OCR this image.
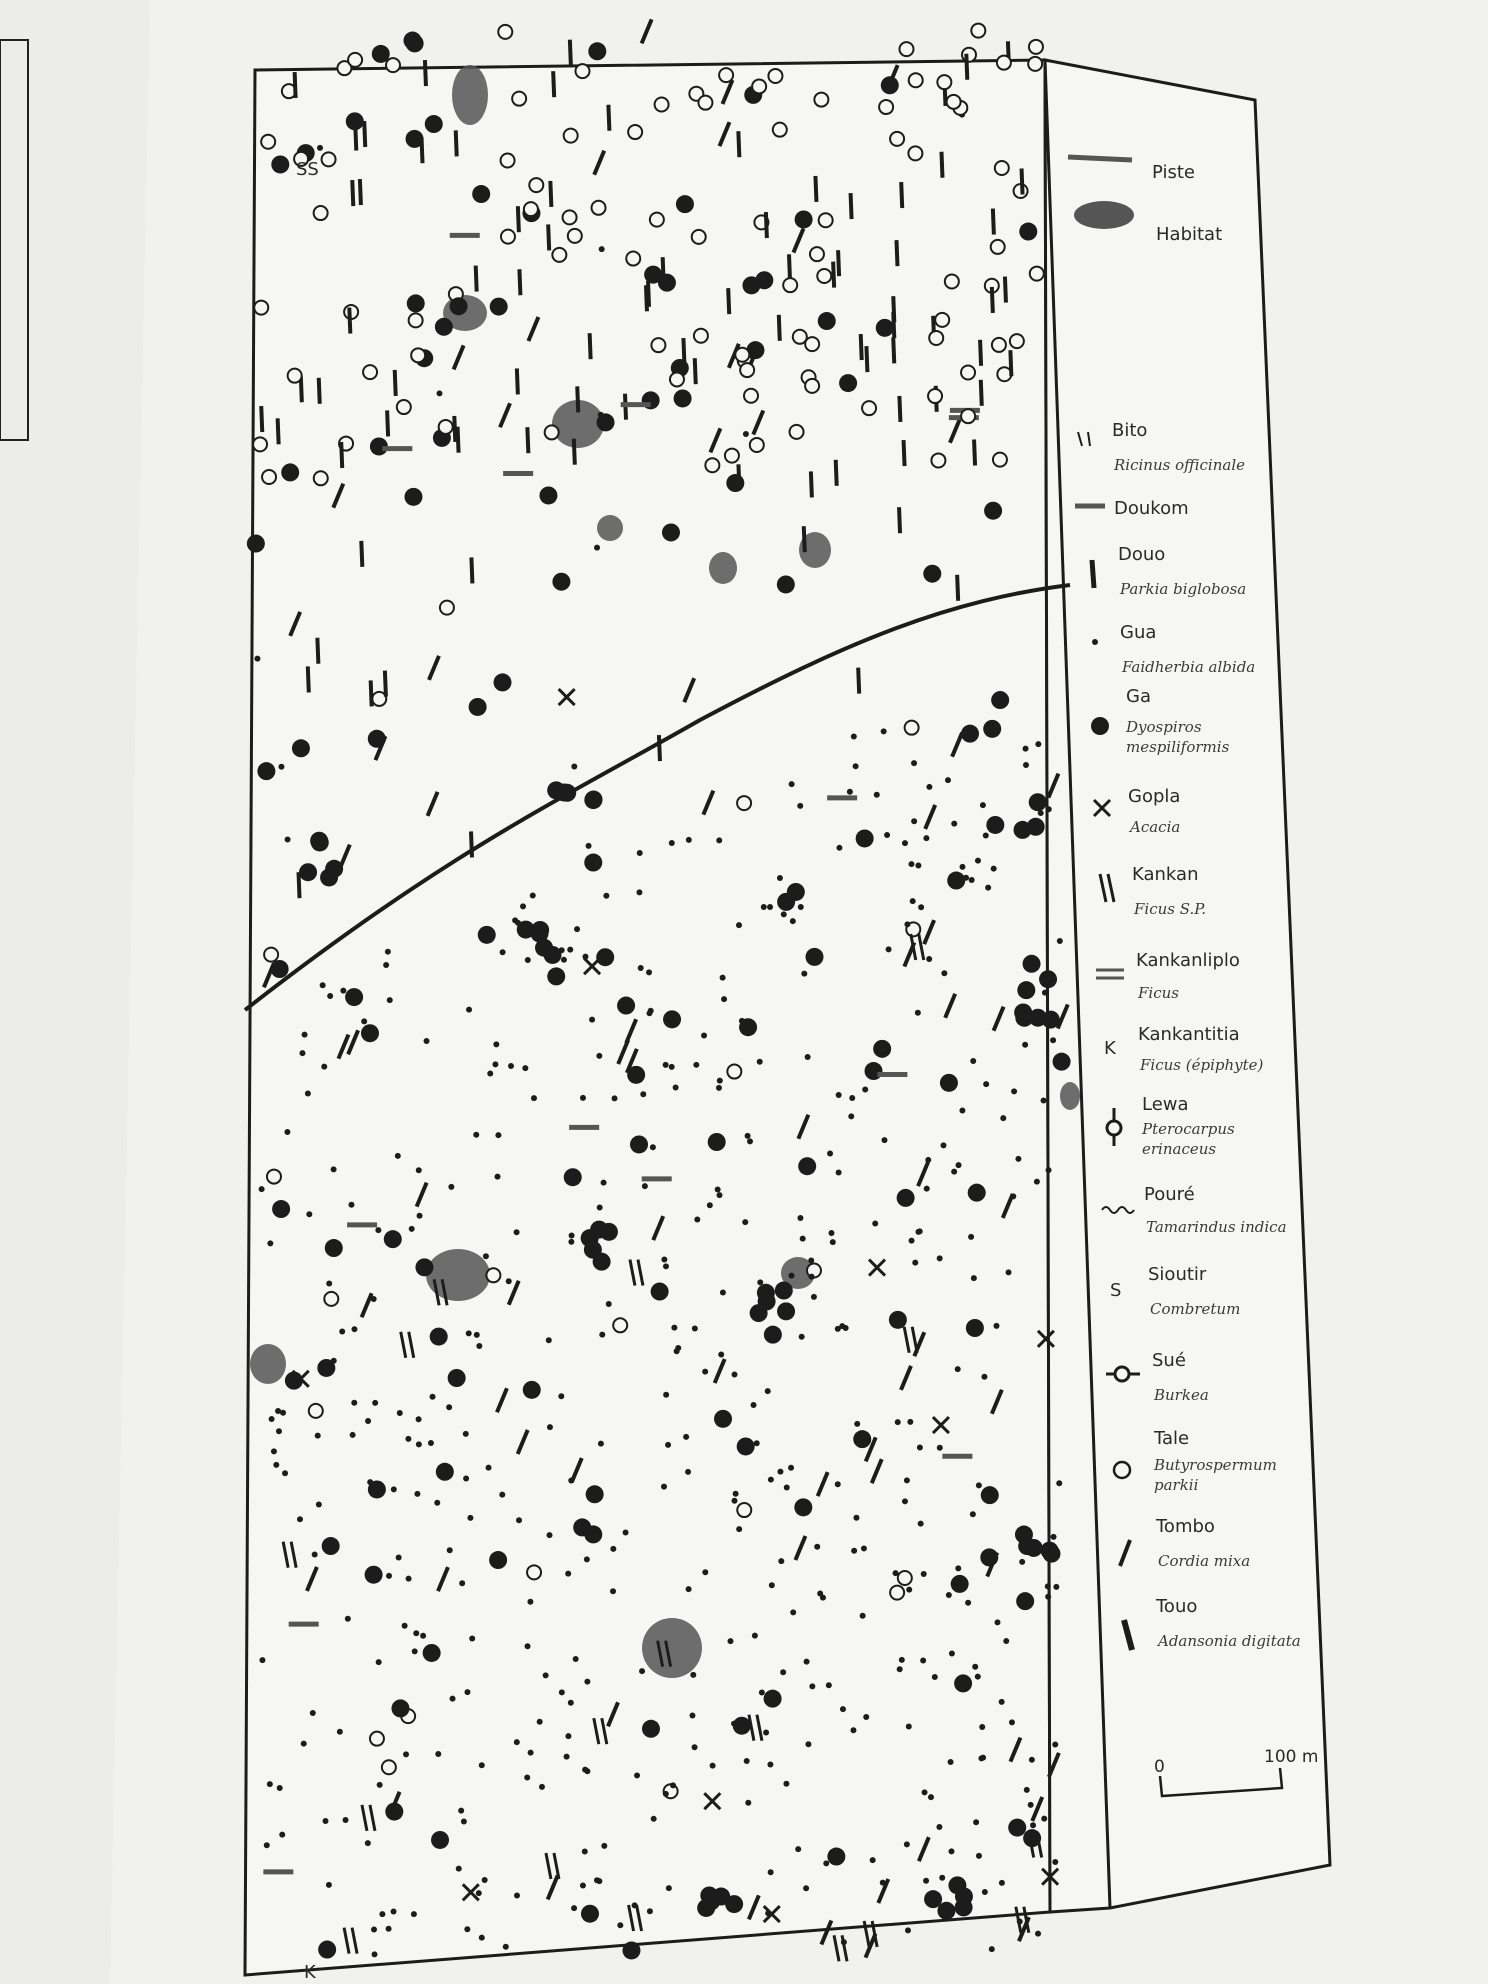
SS
K
Piste
Habitat
Bito
Ricinus officinale
Doukom
Douo
Parkia biglobosa
Gua
Faidherbia albida
Ga
Dyospiros mespiliformis
Gopla
Acacia
Kankan
Ficus S.P.
Kankanliplo
Ficus
K
Kankantitia
Ficus (épiphyte)
Lewa
Pterocarpus erinaceus
Pouré
Tamarindus indica
S
Sioutir
Combretum
Sué
Burkea
Tale
Butyrospermum parkii
Tombo
Cordia mixa
Touo
Adansonia digitata
0	100 m
